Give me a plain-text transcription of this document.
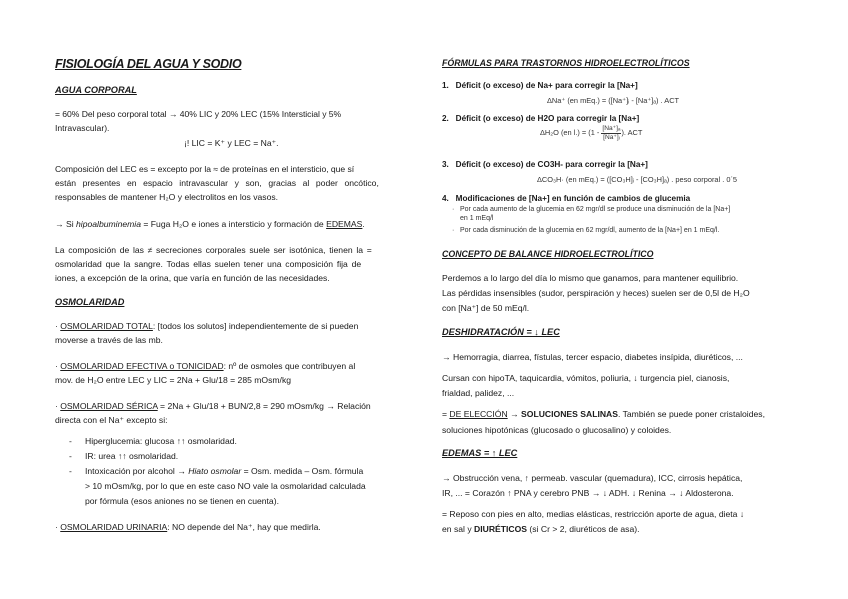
FISIOLOGÍA DEL AGUA Y SODIO
AGUA CORPORAL
= 60% Del peso corporal total → 40% LIC y 20% LEC (15% Intersticial y 5%
Intravascular).
¡! LIC = K⁺ y LEC = Na⁺.
Composición del LEC es = excepto por la ≈ de proteínas en el intersticio, que sí
están presentes en espacio intravascular y son, gracias al poder oncótico,
responsables de mantener H₂O y electrolitos en los vasos.
→ Si hipoalbuminemia = Fuga H₂O e iones a intersticio y formación de EDEMAS.
La composición de las ≠ secreciones corporales suele ser isotónica, tienen la =
osmolaridad que la sangre. Todas ellas suelen tener una composición fija de
iones, a excepción de la orina, que varía en función de las necesidades.
OSMOLARIDAD
· OSMOLARIDAD TOTAL: [todos los solutos] independientemente de si pueden
moverse a través de las mb.
· OSMOLARIDAD EFECTIVA o TONICIDAD: nº de osmoles que contribuyen al
mov. de H₂O entre LEC y LIC = 2Na + Glu/18 = 285 mOsm/kg
· OSMOLARIDAD SÉRICA = 2Na + Glu/18 + BUN/2,8 = 290 mOsm/kg → Relación
directa con el Na⁺ excepto si:
- Hiperglucemia: glucosa ↑↑ osmolaridad.
- IR: urea ↑↑ osmolaridad.
- Intoxicación por alcohol → Hiato osmolar = Osm. medida – Osm. fórmula
> 10 mOsm/kg, por lo que en este caso NO vale la osmolaridad calculada
por fórmula (esos aniones no se tienen en cuenta).
· OSMOLARIDAD URINARIA: NO depende del Na⁺, hay que medirla.
FÓRMULAS PARA TRASTORNOS HIDROELECTROLÍTICOS
1.   Déficit (o exceso) de Na+ para corregir la [Na+]
ΔNa⁺ (en mEq.) = ([Na⁺]ᵢ - [Na⁺]ₐ) . ACT
2.   Déficit (o exceso) de H2O para corregir la [Na+]
ΔH₂O (en $l.) = (1 - \frac{\text{[Na⁺]ₐ}}{\text{[Na⁺]ᵢ}}$ ). ACT
3.   Déficit (o exceso) de CO3H- para corregir la [Na+]
ΔCO₃H· (en mEq.) = ([CO₃H]ᵢ - [CO₃H]ₐ) . peso corporal . 0´5
4.   Modificaciones de [Na+] en función de cambios de glucemia
· Por cada aumento de la glucemia en 62 mgr/dl se produce una disminución de la [Na+]
en 1 mEq/l
· Por cada disminución de la glucemia en 62 mgr/dl, aumento de la [Na+] en 1 mEq/l.
CONCEPTO DE BALANCE HIDROELECTROLÍTICO
Perdemos a lo largo del día lo mismo que ganamos, para mantener equilibrio.
Las pérdidas insensibles (sudor, perspiración y heces) suelen ser de 0,5l de H₂O
con [Na⁺] de 50 mEq/l.
DESHIDRATACIÓN = ↓ LEC
→ Hemorragia, diarrea, fístulas, tercer espacio, diabetes insípida, diuréticos, ...
Cursan con hipoTA, taquicardia, vómitos, poliuria, ↓ turgencia piel, cianosis,
frialdad, palidez, ...
= DE ELECCIÓN → SOLUCIONES SALINAS. También se puede poner cristaloides,
soluciones hipotónicas (glucosado o glucosalino) y coloides.
EDEMAS = ↑ LEC
→ Obstrucción vena, ↑ permeab. vascular (quemadura), ICC, cirrosis hepática,
IR, ... = Corazón ↑ PNA y cerebro PNB → ↓ ADH. ↓ Renina → ↓ Aldosterona.
= Reposo con pies en alto, medias elásticas, restricción aporte de agua, dieta ↓
en sal y DIURÉTICOS (si Cr > 2, diuréticos de asa).
